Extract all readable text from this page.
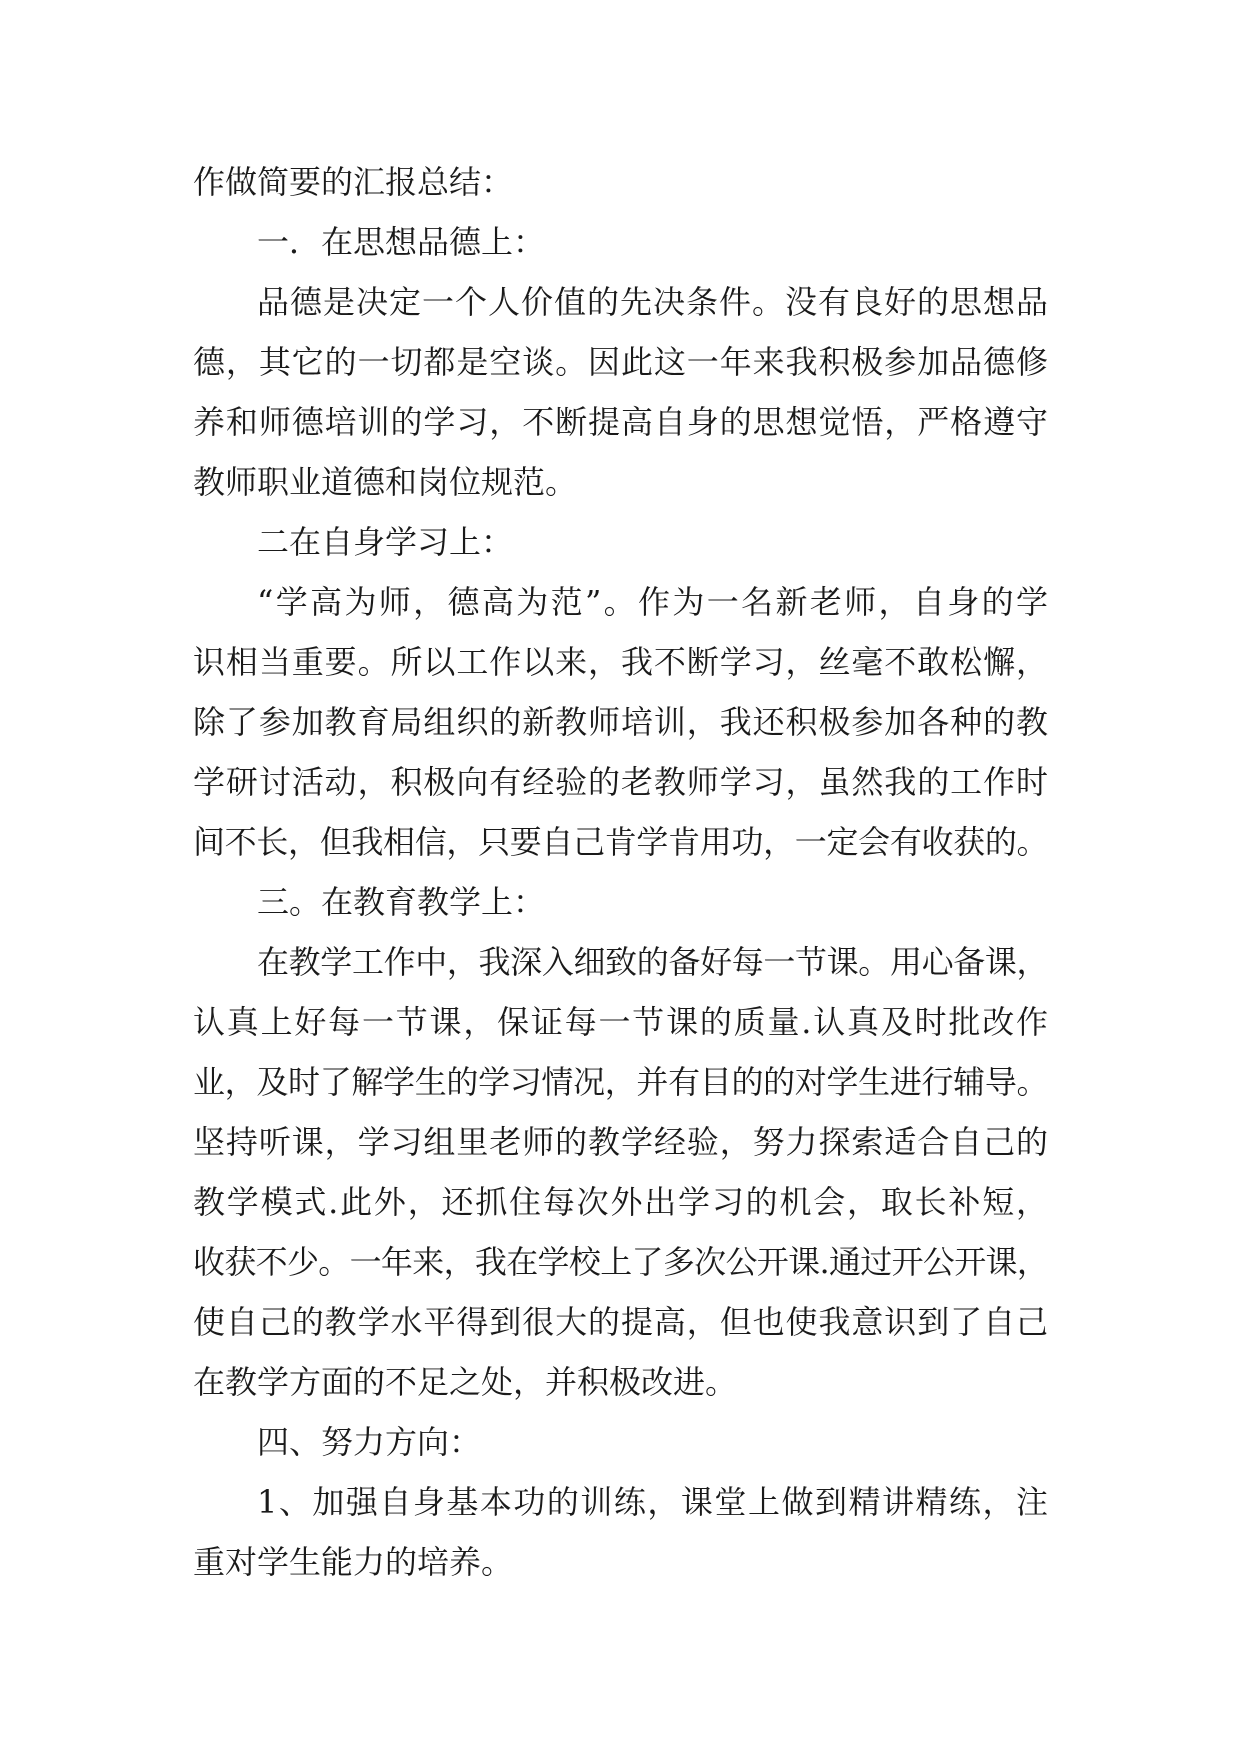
作做简要的汇报总结：
一．在思想品德上：
品德是决定一个人价值的先决条件。没有良好的思想品
德，其它的一切都是空谈。因此这一年来我积极参加品德修
养和师德培训的学习，不断提高自身的思想觉悟，严格遵守
教师职业道德和岗位规范。
二在自身学习上：
“学高为师，德高为范”。作为一名新老师，自身的学
识相当重要。所以工作以来，我不断学习，丝毫不敢松懈，
除了参加教育局组织的新教师培训，我还积极参加各种的教
学研讨活动，积极向有经验的老教师学习，虽然我的工作时
间不长，但我相信，只要自己肯学肯用功，一定会有收获的。
三。在教育教学上：
在教学工作中，我深入细致的备好每一节课。用心备课，
认真上好每一节课，保证每一节课的质量.认真及时批改作
业，及时了解学生的学习情况，并有目的的对学生进行辅导。
坚持听课，学习组里老师的教学经验，努力探索适合自己的
教学模式.此外，还抓住每次外出学习的机会，取长补短，
收获不少。一年来，我在学校上了多次公开课.通过开公开课，
使自己的教学水平得到很大的提高，但也使我意识到了自己
在教学方面的不足之处，并积极改进。
四、努力方向：
1、加强自身基本功的训练，课堂上做到精讲精练，注
重对学生能力的培养。
